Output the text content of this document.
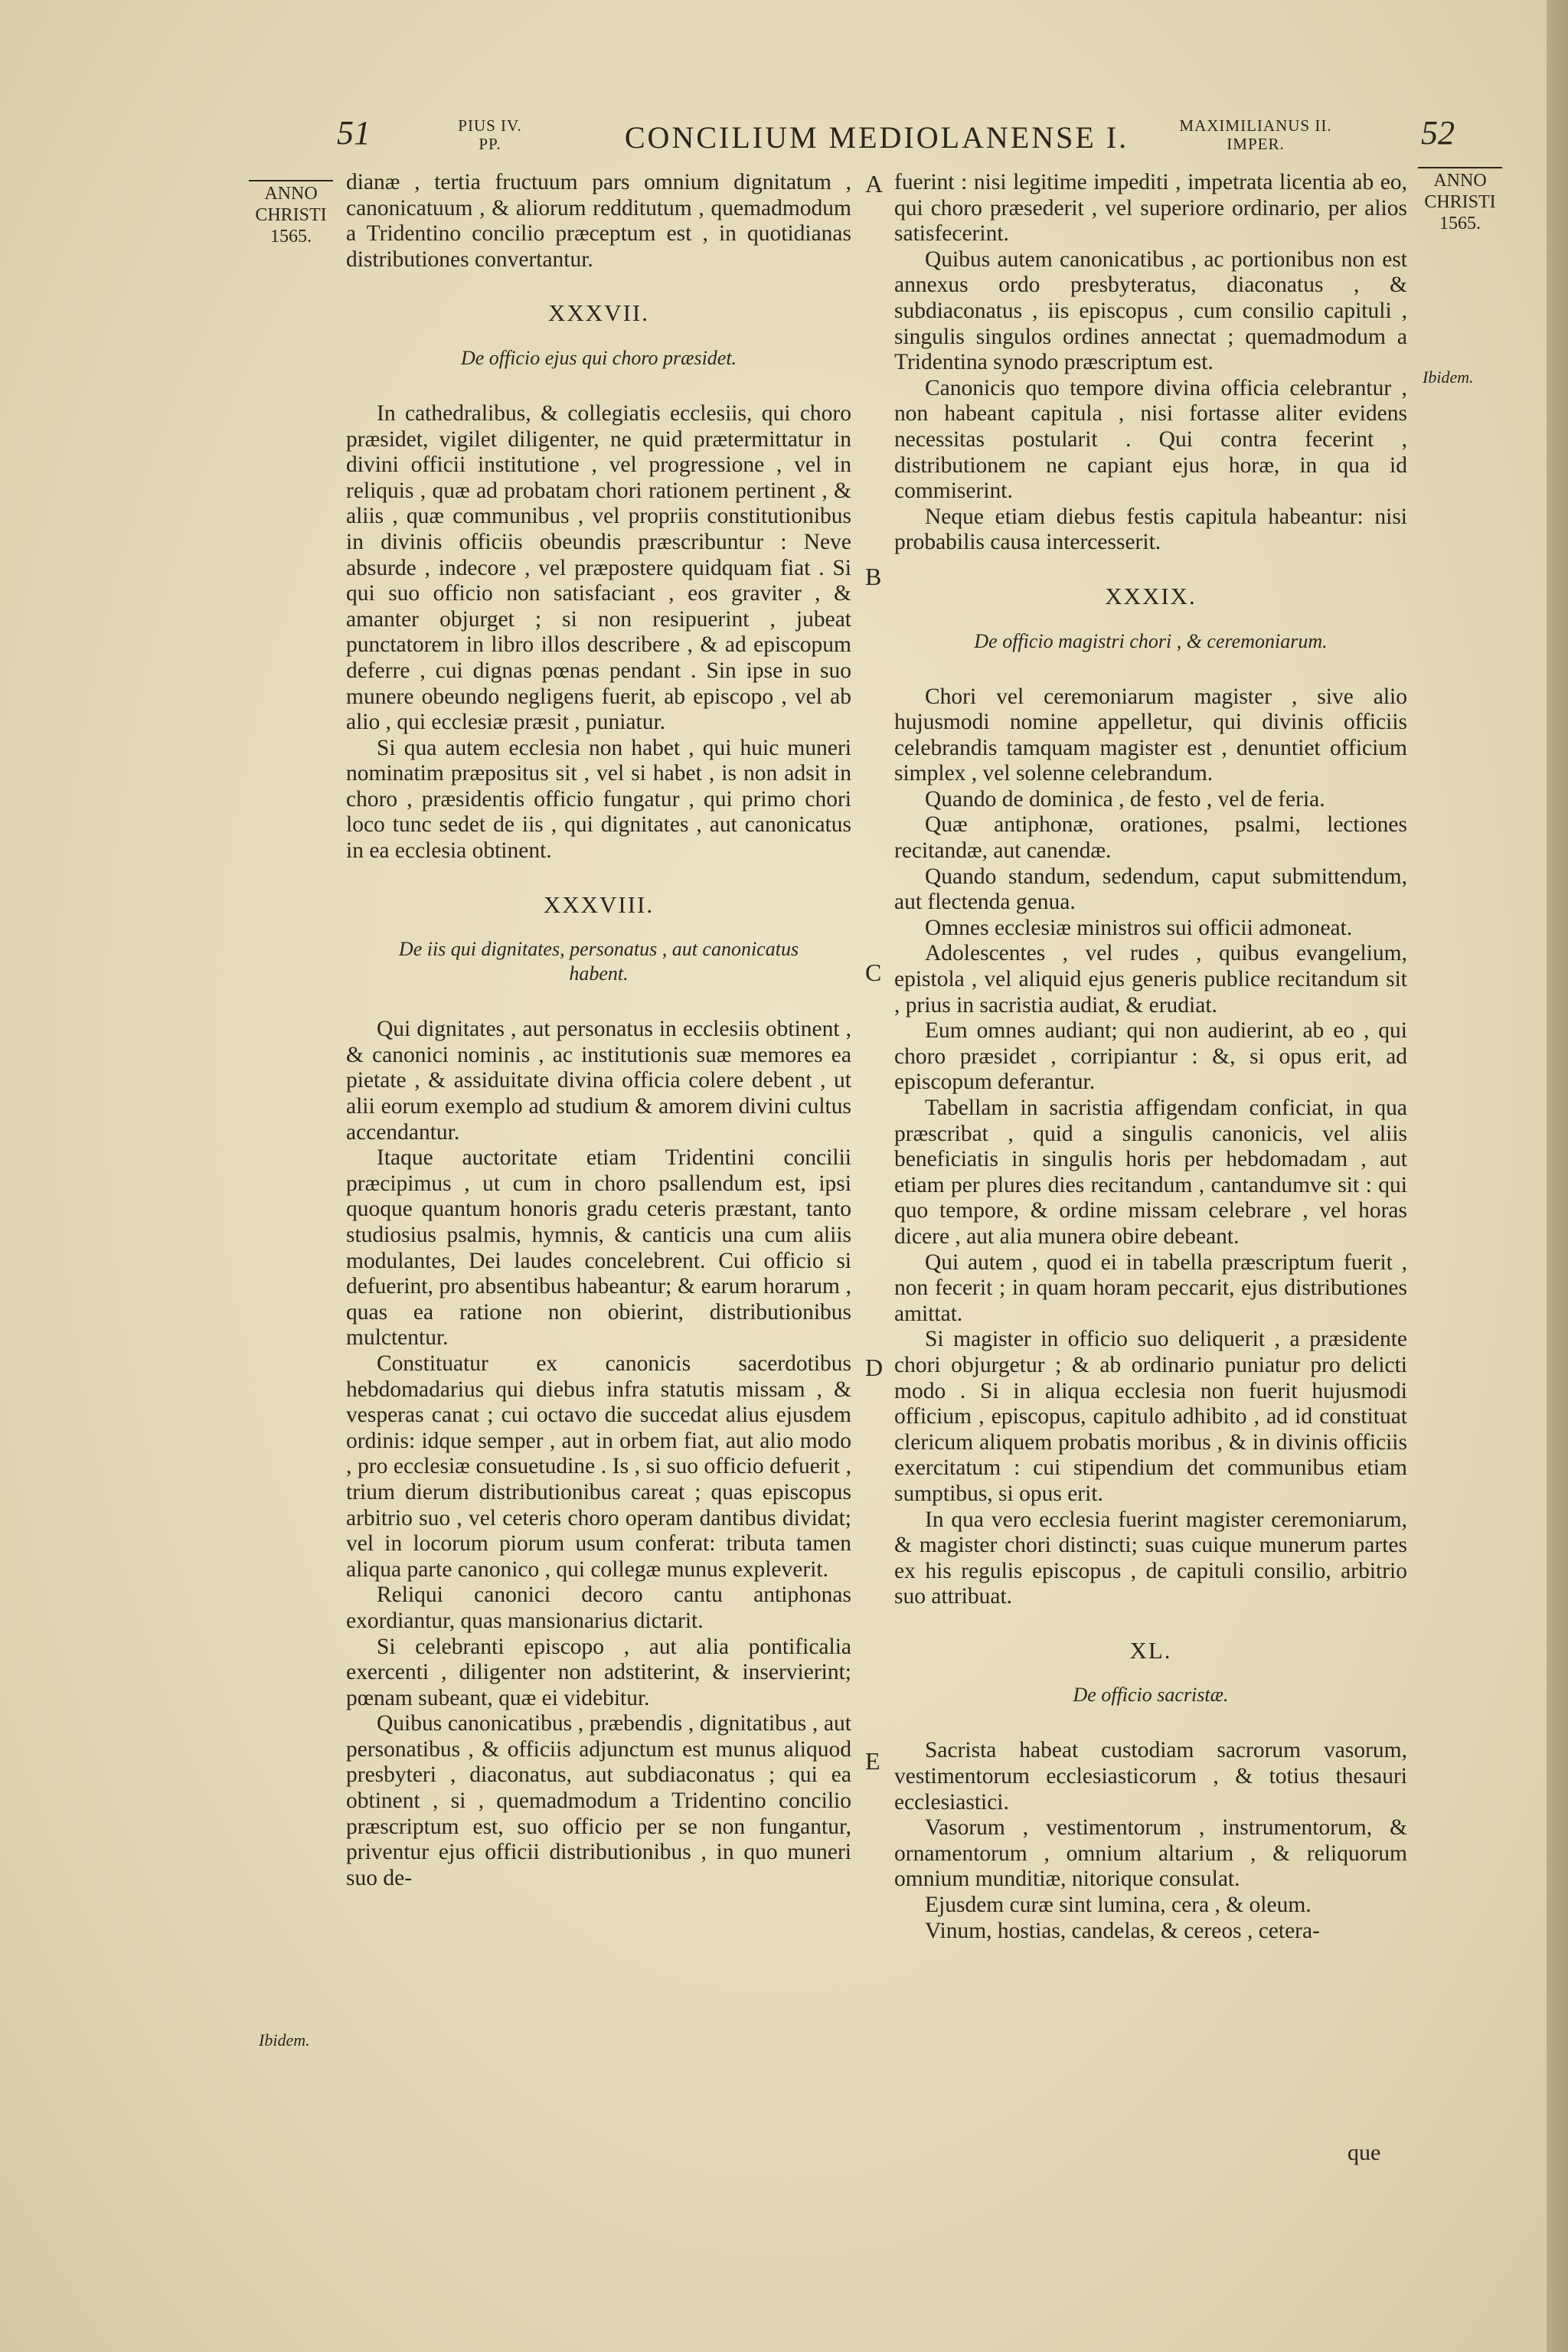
51	PIUS IV.
PP.	CONCILIUM MEDIOLANENSE I.	MAXIMILIANUS II.
IMPER.	52
ANNO
CHRISTI
1565.
ANNO
CHRISTI
1565.
Ibidem.
Ibidem.
A
B
C
D
E

dianæ , tertia fructuum pars omnium dignitatum , canonicatuum , & aliorum redditutum , quemadmodum a Tridentino concilio præceptum est , in quotidianas distributiones convertantur.

XXXVII.
De officio ejus qui choro præsidet.

In cathedralibus, & collegiatis ecclesiis, qui choro præsidet, vigilet diligenter, ne quid prætermittatur in divini officii institutione , vel progressione , vel in reliquis , quæ ad probatam chori rationem pertinent , & aliis , quæ communibus , vel propriis constitutionibus in divinis officiis obeundis præscribuntur : Neve absurde , indecore , vel præpostere quidquam fiat . Si qui suo officio non satisfaciant , eos graviter , & amanter objurget ; si non resipuerint , jubeat punctatorem in libro illos describere , & ad episcopum deferre , cui dignas pœnas pendant . Sin ipse in suo munere obeundo negligens fuerit, ab episcopo , vel ab alio , qui ecclesiæ præsit , puniatur.

Si qua autem ecclesia non habet , qui huic muneri nominatim præpositus sit , vel si habet , is non adsit in choro , præsidentis officio fungatur , qui primo chori loco tunc sedet de iis , qui dignitates , aut canonicatus in ea ecclesia obtinent.

XXXVIII.
De iis qui dignitates, personatus , aut canonicatus habent.

Qui dignitates , aut personatus in ecclesiis obtinent , & canonici nominis , ac institutionis suæ memores ea pietate , & assiduitate divina officia colere debent , ut alii eorum exemplo ad studium & amorem divini cultus accendantur.

Itaque auctoritate etiam Tridentini concilii præcipimus , ut cum in choro psallendum est, ipsi quoque quantum honoris gradu ceteris præstant, tanto studiosius psalmis, hymnis, & canticis una cum aliis modulantes, Dei laudes concelebrent. Cui officio si defuerint, pro absentibus habeantur; & earum horarum , quas ea ratione non obierint, distributionibus mulctentur.

Constituatur ex canonicis sacerdotibus hebdomadarius qui diebus infra statutis missam , & vesperas canat ; cui octavo die succedat alius ejusdem ordinis: idque semper , aut in orbem fiat, aut alio modo , pro ecclesiæ consuetudine . Is , si suo officio defuerit , trium dierum distributionibus careat ; quas episcopus arbitrio suo , vel ceteris choro operam dantibus dividat; vel in locorum piorum usum conferat: tributa tamen aliqua parte canonico , qui collegæ munus expleverit.

Reliqui canonici decoro cantu antiphonas exordiantur, quas mansionarius dictarit.

Si celebranti episcopo , aut alia pontificalia exercenti , diligenter non adstiterint, & inservierint; pœnam subeant, quæ ei videbitur.

Quibus canonicatibus , præbendis , dignitatibus , aut personatibus , & officiis adjunctum est munus aliquod presbyteri , diaconatus, aut subdiaconatus ; qui ea obtinent , si , quemadmodum a Tridentino concilio præscriptum est, suo officio per se non fungantur, priventur ejus officii distributionibus , in quo muneri suo de-

fuerint : nisi legitime impediti , impetrata licentia ab eo, qui choro præsederit , vel superiore ordinario, per alios satisfecerint.

Quibus autem canonicatibus , ac portionibus non est annexus ordo presbyteratus, diaconatus , & subdiaconatus , iis episcopus , cum consilio capituli , singulis singulos ordines annectat ; quemadmodum a Tridentina synodo præscriptum est.

Canonicis quo tempore divina officia celebrantur , non habeant capitula , nisi fortasse aliter evidens necessitas postularit . Qui contra fecerint , distributionem ne capiant ejus horæ, in qua id commiserint.

Neque etiam diebus festis capitula habeantur: nisi probabilis causa intercesserit.

XXXIX.
De officio magistri chori , & ceremoniarum.

Chori vel ceremoniarum magister , sive alio hujusmodi nomine appelletur, qui divinis officiis celebrandis tamquam magister est , denuntiet officium simplex , vel solenne celebrandum.

Quando de dominica , de festo , vel de feria.

Quæ antiphonæ, orationes, psalmi, lectiones recitandæ, aut canendæ.

Quando standum, sedendum, caput submittendum, aut flectenda genua.

Omnes ecclesiæ ministros sui officii admoneat.

Adolescentes , vel rudes , quibus evangelium, epistola , vel aliquid ejus generis publice recitandum sit , prius in sacristia audiat, & erudiat.

Eum omnes audiant; qui non audierint, ab eo , qui choro præsidet , corripiantur : &, si opus erit, ad episcopum deferantur.

Tabellam in sacristia affigendam conficiat, in qua præscribat , quid a singulis canonicis, vel aliis beneficiatis in singulis horis per hebdomadam , aut etiam per plures dies recitandum , cantandumve sit : qui quo tempore, & ordine missam celebrare , vel horas dicere , aut alia munera obire debeant.

Qui autem , quod ei in tabella præscriptum fuerit , non fecerit ; in quam horam peccarit, ejus distributiones amittat.

Si magister in officio suo deliquerit , a præsidente chori objurgetur ; & ab ordinario puniatur pro delicti modo . Si in aliqua ecclesia non fuerit hujusmodi officium , episcopus, capitulo adhibito , ad id constituat clericum aliquem probatis moribus , & in divinis officiis exercitatum : cui stipendium det communibus etiam sumptibus, si opus erit.

In qua vero ecclesia fuerint magister ceremoniarum, & magister chori distincti; suas cuique munerum partes ex his regulis episcopus , de capituli consilio, arbitrio suo attribuat.

XL.
De officio sacristæ.

Sacrista habeat custodiam sacrorum vasorum, vestimentorum ecclesiasticorum , & totius thesauri ecclesiastici.

Vasorum , vestimentorum , instrumentorum, & ornamentorum , omnium altarium , & reliquorum omnium munditiæ, nitorique consulat.

Ejusdem curæ sint lumina, cera , & oleum.

Vinum, hostias, candelas, & cereos , cetera-

que
